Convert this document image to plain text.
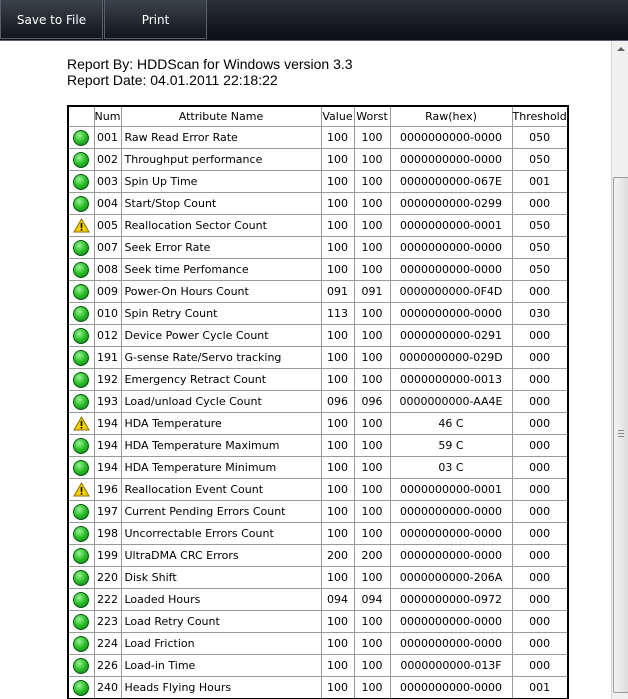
Save to File	Print
Report By: HDDScan for Windows version 3.3
Report Date: 04.01.2011 22:18:22
	Num	Attribute Name	Value	Worst	Raw(hex)	Threshold
	001	Raw Read Error Rate	100	100	0000000000-0000	050
	002	Throughput performance	100	100	0000000000-0000	050
	003	Spin Up Time	100	100	0000000000-067E	001
	004	Start/Stop Count	100	100	0000000000-0299	000
	005	Reallocation Sector Count	100	100	0000000000-0001	050
	007	Seek Error Rate	100	100	0000000000-0000	050
	008	Seek time Perfomance	100	100	0000000000-0000	050
	009	Power-On Hours Count	091	091	0000000000-0F4D	000
	010	Spin Retry Count	113	100	0000000000-0000	030
	012	Device Power Cycle Count	100	100	0000000000-0291	000
	191	G-sense Rate/Servo tracking	100	100	0000000000-029D	000
	192	Emergency Retract Count	100	100	0000000000-0013	000
	193	Load/unload Cycle Count	096	096	0000000000-AA4E	000
	194	HDA Temperature	100	100	46 C	000
	194	HDA Temperature Maximum	100	100	59 C	000
	194	HDA Temperature Minimum	100	100	03 C	000
	196	Reallocation Event Count	100	100	0000000000-0001	000
	197	Current Pending Errors Count	100	100	0000000000-0000	000
	198	Uncorrectable Errors Count	100	100	0000000000-0000	000
	199	UltraDMA CRC Errors	200	200	0000000000-0000	000
	220	Disk Shift	100	100	0000000000-206A	000
	222	Loaded Hours	094	094	0000000000-0972	000
	223	Load Retry Count	100	100	0000000000-0000	000
	224	Load Friction	100	100	0000000000-0000	000
	226	Load-in Time	100	100	0000000000-013F	000
	240	Heads Flying Hours	100	100	0000000000-0000	001
